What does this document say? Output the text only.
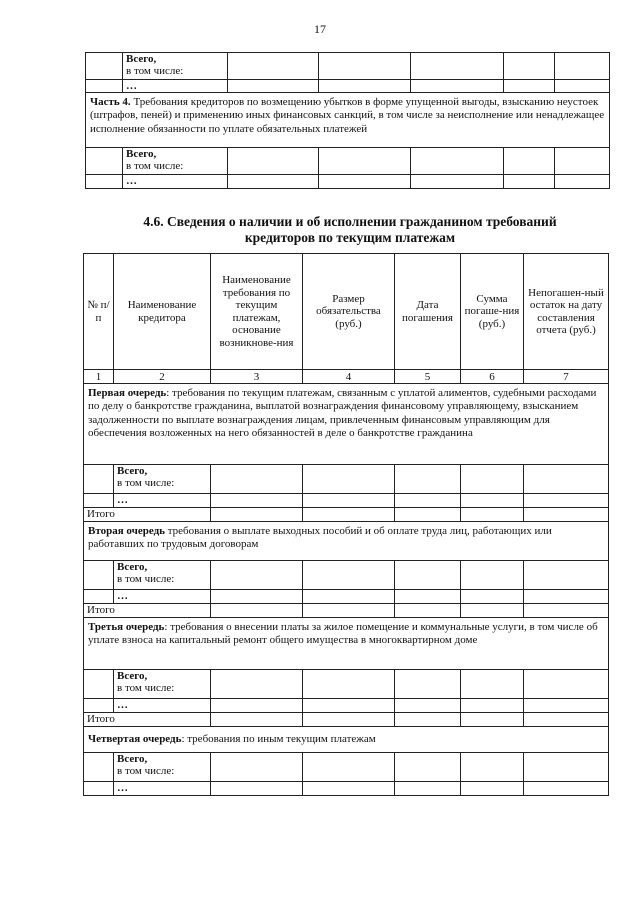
17
	Всего,
в том числе:					
	…					
Часть 4. Требования кредиторов по возмещению убытков в форме упущенной выгоды, взысканию неустоек (штрафов, пеней) и применению иных финансовых санкций, в том числе за неисполнение или ненадлежащее исполнение обязанности по уплате обязательных платежей						
	Всего,
в том числе:					
	…					
4.6. Сведения о наличии и об исполнении гражданином требований
кредиторов по текущим платежам
№ п/п	Наименование кредитора	Наименование требования по текущим платежам, основание возникнове-ния	Размер обязательства (руб.)	Дата погашения	Сумма погаше-ния (руб.)	Непогашен-ный остаток на дату составления отчета (руб.)
1	2	3	4	5	6	7
Первая очередь: требования по текущим платежам, связанным с уплатой алиментов, судебными расходами по делу о банкротстве гражданина, выплатой вознаграждения финансовому управляющему, взысканием задолженности по выплате вознаграждения лицам, привлеченным финансовым управляющим для обеспечения возложенных на него обязанностей в деле о банкротстве гражданина						
	Всего,
в том числе:					
	…					
Итого						
Вторая очередь требования о выплате выходных пособий и об оплате труда лиц, работающих или работавших по трудовым договорам						
	Всего,
в том числе:					
	…					
Итого						
Третья очередь: требования о внесении платы за жилое помещение и коммунальные услуги, в том числе об уплате взноса на капитальный ремонт общего имущества в многоквартирном доме						
	Всего,
в том числе:					
	…					
Итого						
Четвертая очередь: требования по иным текущим платежам						
	Всего,
в том числе:					
	…					
